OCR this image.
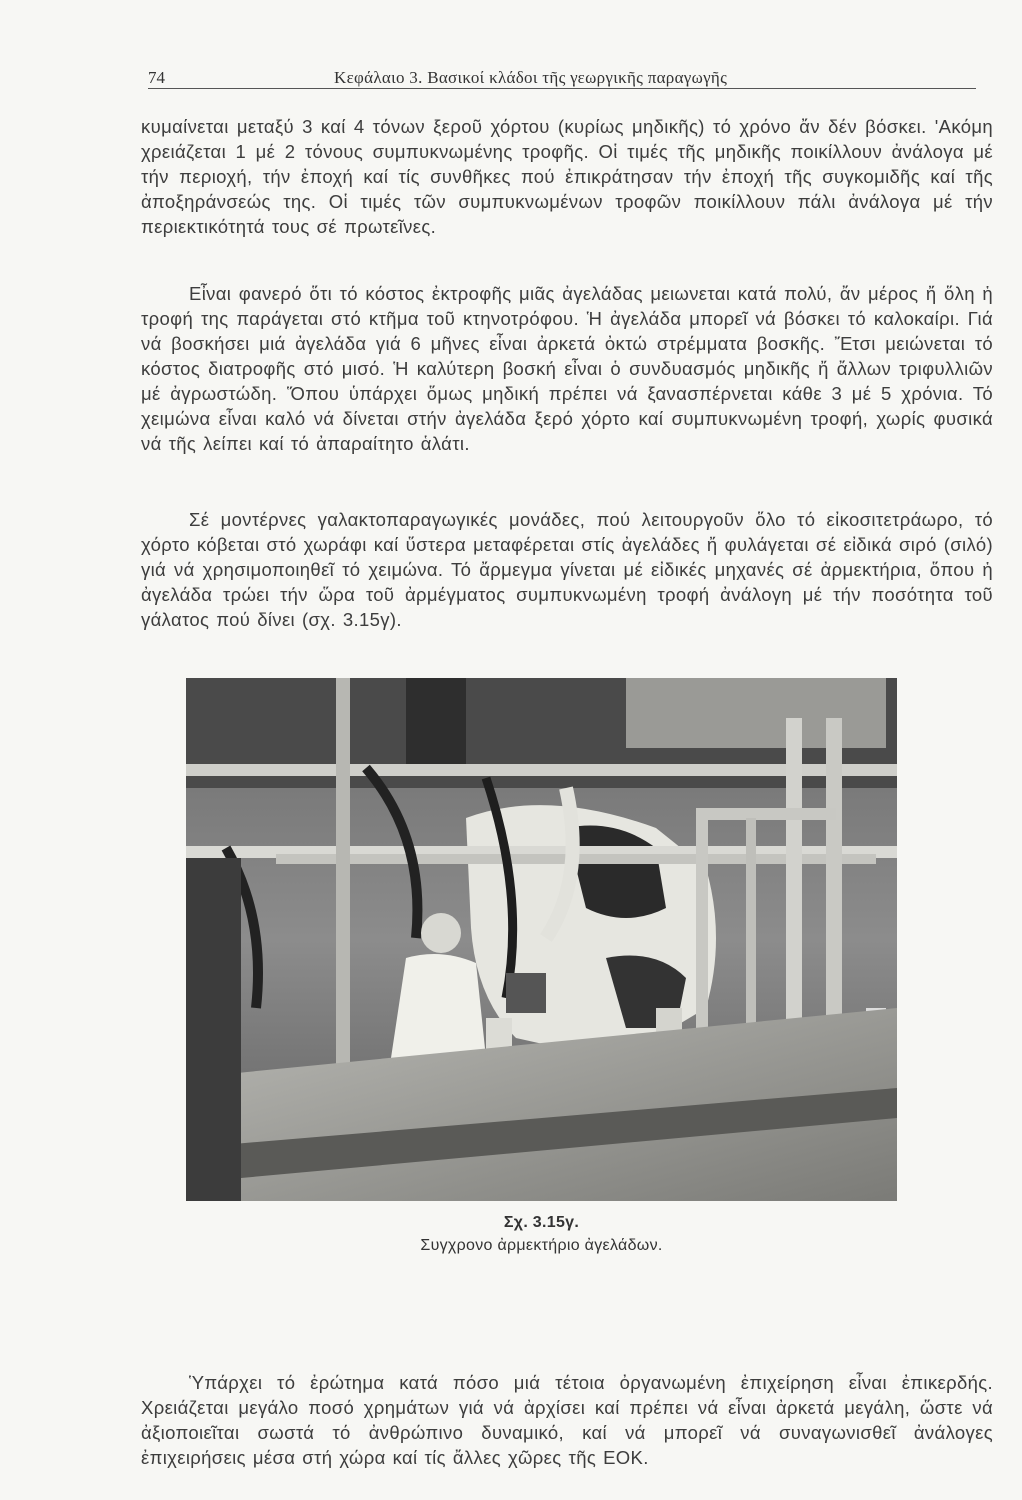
74	Κεφάλαιο 3. Βασικοί κλάδοι τῆς γεωργικῆς παραγωγῆς

κυμαίνεται μεταξύ 3 καί 4 τόνων ξεροῦ χόρτου (κυρίως μηδικῆς) τό χρόνο ἄν δέν βόσκει. 'Ακόμη χρειάζεται 1 μέ 2 τόνους συμπυκνωμένης τροφῆς. Οἱ τιμές τῆς μηδικῆς ποικίλλουν ἀνάλογα μέ τήν περιοχή, τήν ἐποχή καί τίς συνθῆκες πού ἐπικράτησαν τήν ἐποχή τῆς συγκομιδῆς καί τῆς ἀποξηράνσεώς της. Οἱ τιμές τῶν συμπυκνωμένων τροφῶν ποικίλλουν πάλι ἀνάλογα μέ τήν περιεκτικότητά τους σέ πρωτεῖνες.

Εἶναι φανερό ὅτι τό κόστος ἐκτροφῆς μιᾶς ἀγελάδας μειωνεται κατά πολύ, ἄν μέρος ἤ ὅλη ἡ τροφή της παράγεται στό κτῆμα τοῦ κτηνοτρόφου. Ἡ ἀγελάδα μπορεῖ νά βόσκει τό καλοκαίρι. Γιά νά βοσκήσει μιά ἀγελάδα γιά 6 μῆνες εἶναι ἀρκετά ὀκτώ στρέμματα βοσκῆς. Ἔτσι μειώνεται τό κόστος διατροφῆς στό μισό. Ἡ καλύτερη βοσκή εἶναι ὁ συνδυασμός μηδικῆς ἤ ἄλλων τριφυλλιῶν μέ ἀγρωστώδη. Ὅπου ὑπάρχει ὅμως μηδική πρέπει νά ξανασπέρνεται κάθε 3 μέ 5 χρόνια. Τό χειμώνα εἶναι καλό νά δίνεται στήν ἀγελάδα ξερό χόρτο καί συμπυκνωμένη τροφή, χωρίς φυσικά νά τῆς λείπει καί τό ἀπαραίτητο ἁλάτι.

Σέ μοντέρνες γαλακτοπαραγωγικές μονάδες, πού λειτουργοῦν ὅλο τό εἰκοσιτετράωρο, τό χόρτο κόβεται στό χωράφι καί ὕστερα μεταφέρεται στίς ἀγελάδες ἤ φυλάγεται σέ εἰδικά σιρό (σιλό) γιά νά χρησιμοποιηθεῖ τό χειμώνα. Τό ἄρμεγμα γίνεται μέ εἰδικές μηχανές σέ ἀρμεκτήρια, ὅπου ἡ ἀγελάδα τρώει τήν ὥρα τοῦ ἀρμέγματος συμπυκνωμένη τροφή ἀνάλογη μέ τήν ποσότητα τοῦ γάλατος πού δίνει (σχ. 3.15γ).

Σχ. 3.15γ.
Συγχρονο ἀρμεκτήριο ἀγελάδων.

Ὑπάρχει τό ἐρώτημα κατά πόσο μιά τέτοια ὀργανωμένη ἐπιχείρηση εἶναι ἐπικερδής. Χρειάζεται μεγάλο ποσό χρημάτων γιά νά ἀρχίσει καί πρέπει νά εἶναι ἀρκετά μεγάλη, ὥστε νά ἀξιοποιεῖται σωστά τό ἀνθρώπινο δυναμικό, καί νά μπορεῖ νά συναγωνισθεῖ ἀνάλογες ἐπιχειρήσεις μέσα στή χώρα καί τίς ἄλλες χῶρες τῆς ΕΟΚ.
